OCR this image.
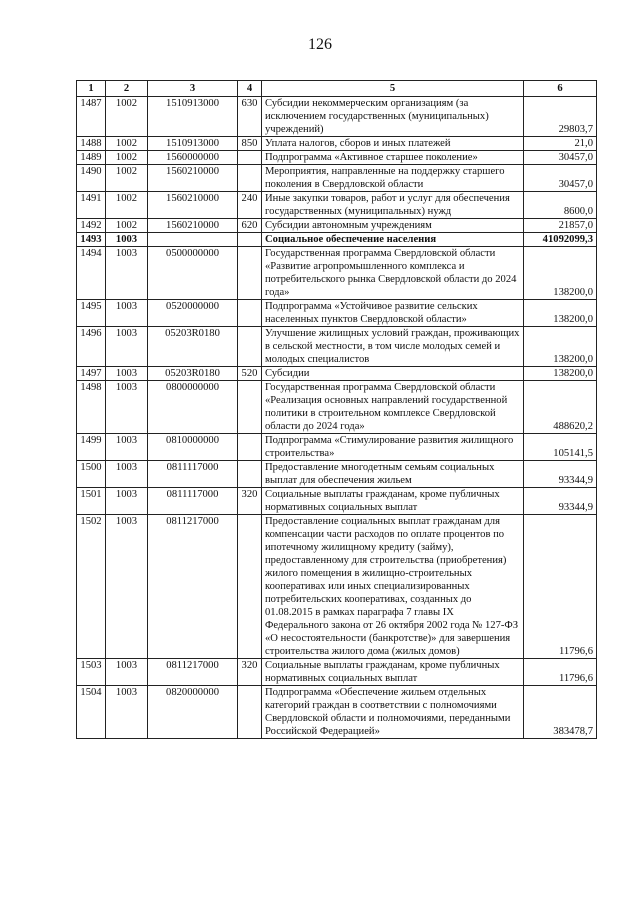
126
1	2	3	4	5	6
1487	1002	1510913000	630	Субсидии некоммерческим организациям (за исключением государственных (муниципальных) учреждений)	29803,7
1488	1002	1510913000	850	Уплата налогов, сборов и иных платежей	21,0
1489	1002	1560000000		Подпрограмма «Активное старшее поколение»	30457,0
1490	1002	1560210000		Мероприятия, направленные на поддержку старшего поколения в Свердловской области	30457,0
1491	1002	1560210000	240	Иные закупки товаров, работ и услуг для обеспечения государственных (муниципальных) нужд	8600,0
1492	1002	1560210000	620	Субсидии автономным учреждениям	21857,0
1493	1003			Социальное обеспечение населения	41092099,3
1494	1003	0500000000		Государственная программа Свердловской области «Развитие агропромышленного комплекса и потребительского рынка Свердловской области до 2024 года»	138200,0
1495	1003	0520000000		Подпрограмма «Устойчивое развитие сельских населенных пунктов Свердловской области»	138200,0
1496	1003	05203R0180		Улучшение жилищных условий граждан, проживающих в сельской местности, в том числе молодых семей и молодых специалистов	138200,0
1497	1003	05203R0180	520	Субсидии	138200,0
1498	1003	0800000000		Государственная программа Свердловской области «Реализация основных направлений государственной политики в строительном комплексе Свердловской области до 2024 года»	488620,2
1499	1003	0810000000		Подпрограмма «Стимулирование развития жилищного строительства»	105141,5
1500	1003	0811117000		Предоставление многодетным семьям социальных выплат для обеспечения жильем	93344,9
1501	1003	0811117000	320	Социальные выплаты гражданам, кроме публичных нормативных социальных выплат	93344,9
1502	1003	0811217000		Предоставление социальных выплат гражданам для компенсации части расходов по оплате процентов по ипотечному жилищному кредиту (займу), предоставленному для строительства (приобретения) жилого помещения в жилищно-строительных кооперативах или иных специализированных потребительских кооперативах, созданных до 01.08.2015 в рамках параграфа 7 главы IX Федерального закона от 26 октября 2002 года № 127-ФЗ «О несостоятельности (банкротстве)» для завершения строительства жилого дома (жилых домов)	11796,6
1503	1003	0811217000	320	Социальные выплаты гражданам, кроме публичных нормативных социальных выплат	11796,6
1504	1003	0820000000		Подпрограмма «Обеспечение жильем отдельных категорий граждан в соответствии с полномочиями Свердловской области и полномочиями, переданными Российской Федерацией»	383478,7
